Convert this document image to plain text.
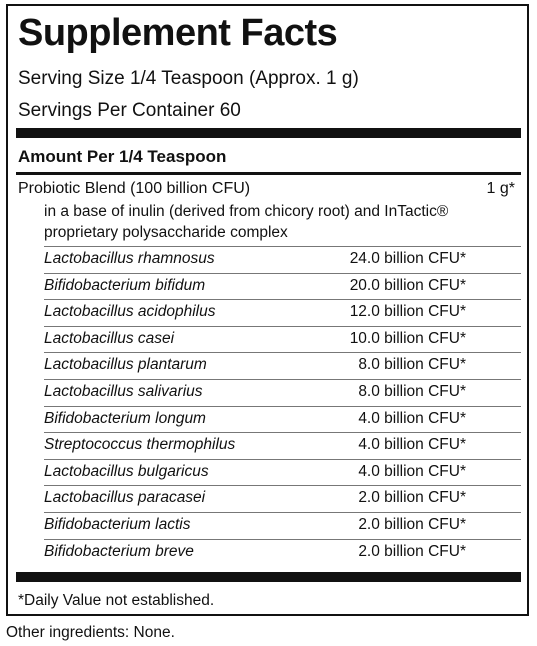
Supplement Facts
Serving Size 1/4 Teaspoon (Approx. 1 g)
Servings Per Container 60
Amount Per 1/4 Teaspoon
Probiotic Blend (100 billion CFU)	1 g*
in a base of inulin (derived from chicory root) and InTactic®
proprietary polysaccharide complex
Lactobacillus rhamnosus	24.0 billion CFU*
Bifidobacterium bifidum	20.0 billion CFU*
Lactobacillus acidophilus	12.0 billion CFU*
Lactobacillus casei	10.0 billion CFU*
Lactobacillus plantarum	8.0 billion CFU*
Lactobacillus salivarius	8.0 billion CFU*
Bifidobacterium longum	4.0 billion CFU*
Streptococcus thermophilus	4.0 billion CFU*
Lactobacillus bulgaricus	4.0 billion CFU*
Lactobacillus paracasei	2.0 billion CFU*
Bifidobacterium lactis	2.0 billion CFU*
Bifidobacterium breve	2.0 billion CFU*
*Daily Value not established.
Other ingredients: None.
